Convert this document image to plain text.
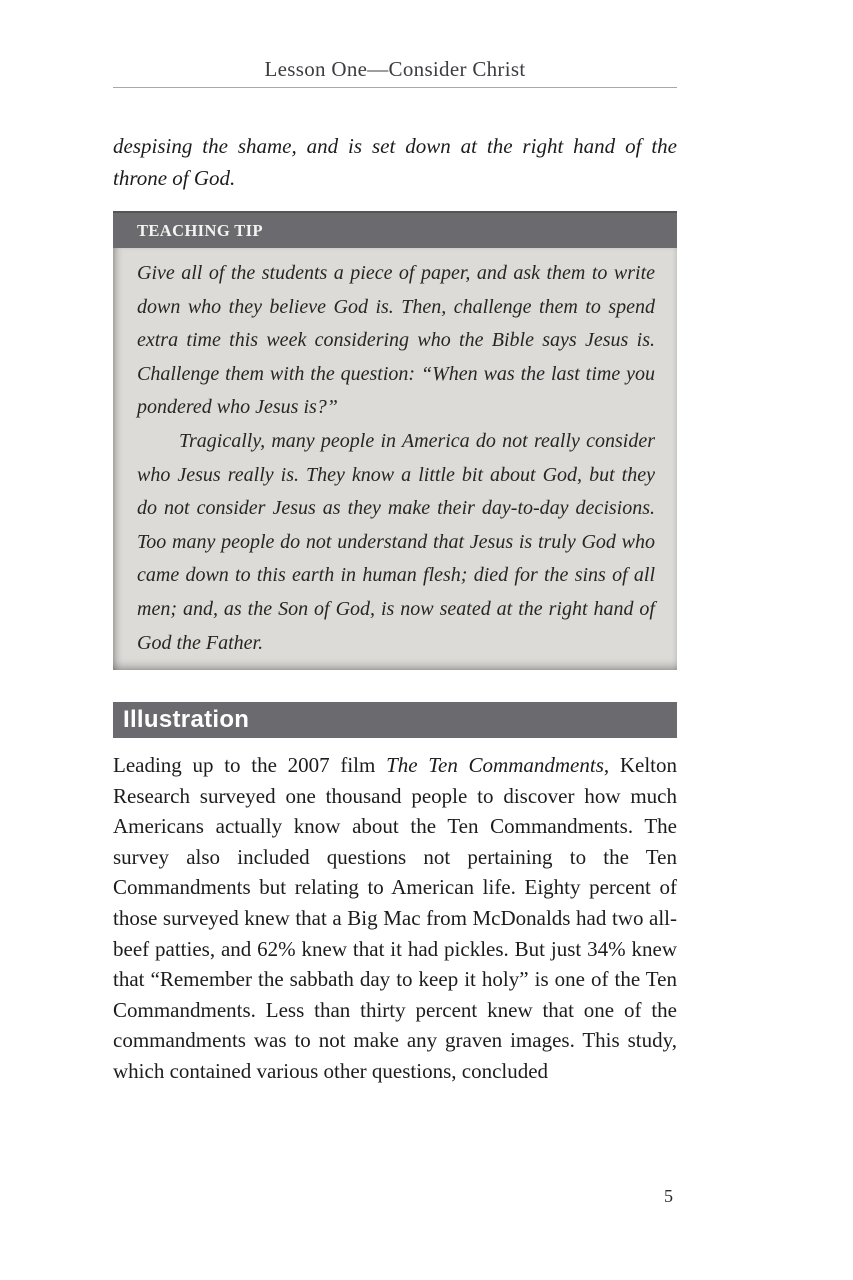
Lesson One—Consider Christ
despising the shame, and is set down at the right hand of the throne of God.
TEACHING TIP

Give all of the students a piece of paper, and ask them to write down who they believe God is. Then, challenge them to spend extra time this week considering who the Bible says Jesus is. Challenge them with the question: “When was the last time you pondered who Jesus is?”

Tragically, many people in America do not really consider who Jesus really is. They know a little bit about God, but they do not consider Jesus as they make their day-to-day decisions. Too many people do not understand that Jesus is truly God who came down to this earth in human flesh; died for the sins of all men; and, as the Son of God, is now seated at the right hand of God the Father.

Illustration
Leading up to the 2007 film The Ten Commandments, Kelton Research surveyed one thousand people to discover how much Americans actually know about the Ten Commandments. The survey also included questions not pertaining to the Ten Commandments but relating to American life. Eighty percent of those surveyed knew that a Big Mac from McDonalds had two all-beef patties, and 62% knew that it had pickles. But just 34% knew that “Remember the sabbath day to keep it holy” is one of the Ten Commandments. Less than thirty percent knew that one of the commandments was to not make any graven images. This study, which contained various other questions, concluded
5
